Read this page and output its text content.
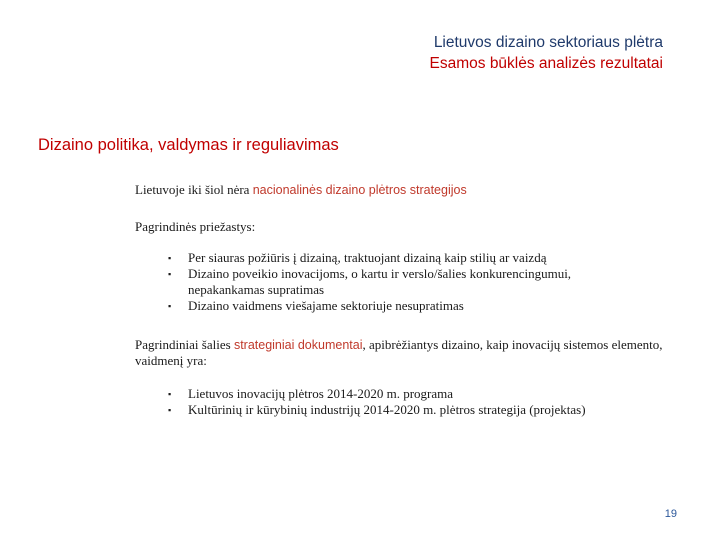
Lietuvos dizaino sektoriaus plėtra
Esamos būklės analizės rezultatai
Dizaino politika, valdymas ir reguliavimas
Lietuvoje iki šiol nėra nacionalinės dizaino plėtros strategijos
Pagrindinės priežastys:
▪ Per siauras požiūris į dizainą, traktuojant dizainą kaip stilių ar vaizdą
▪ Dizaino poveikio inovacijoms, o kartu ir verslo/šalies konkurencingumui, nepakankamas supratimas
▪ Dizaino vaidmens viešajame sektoriuje nesupratimas
Pagrindiniai šalies strateginiai dokumentai, apibrėžiantys dizaino, kaip inovacijų sistemos elemento, vaidmenį yra:
▪ Lietuvos inovacijų plėtros 2014-2020 m. programa
▪ Kultūrinių ir kūrybinių industrijų 2014-2020 m. plėtros strategija (projektas)
19
